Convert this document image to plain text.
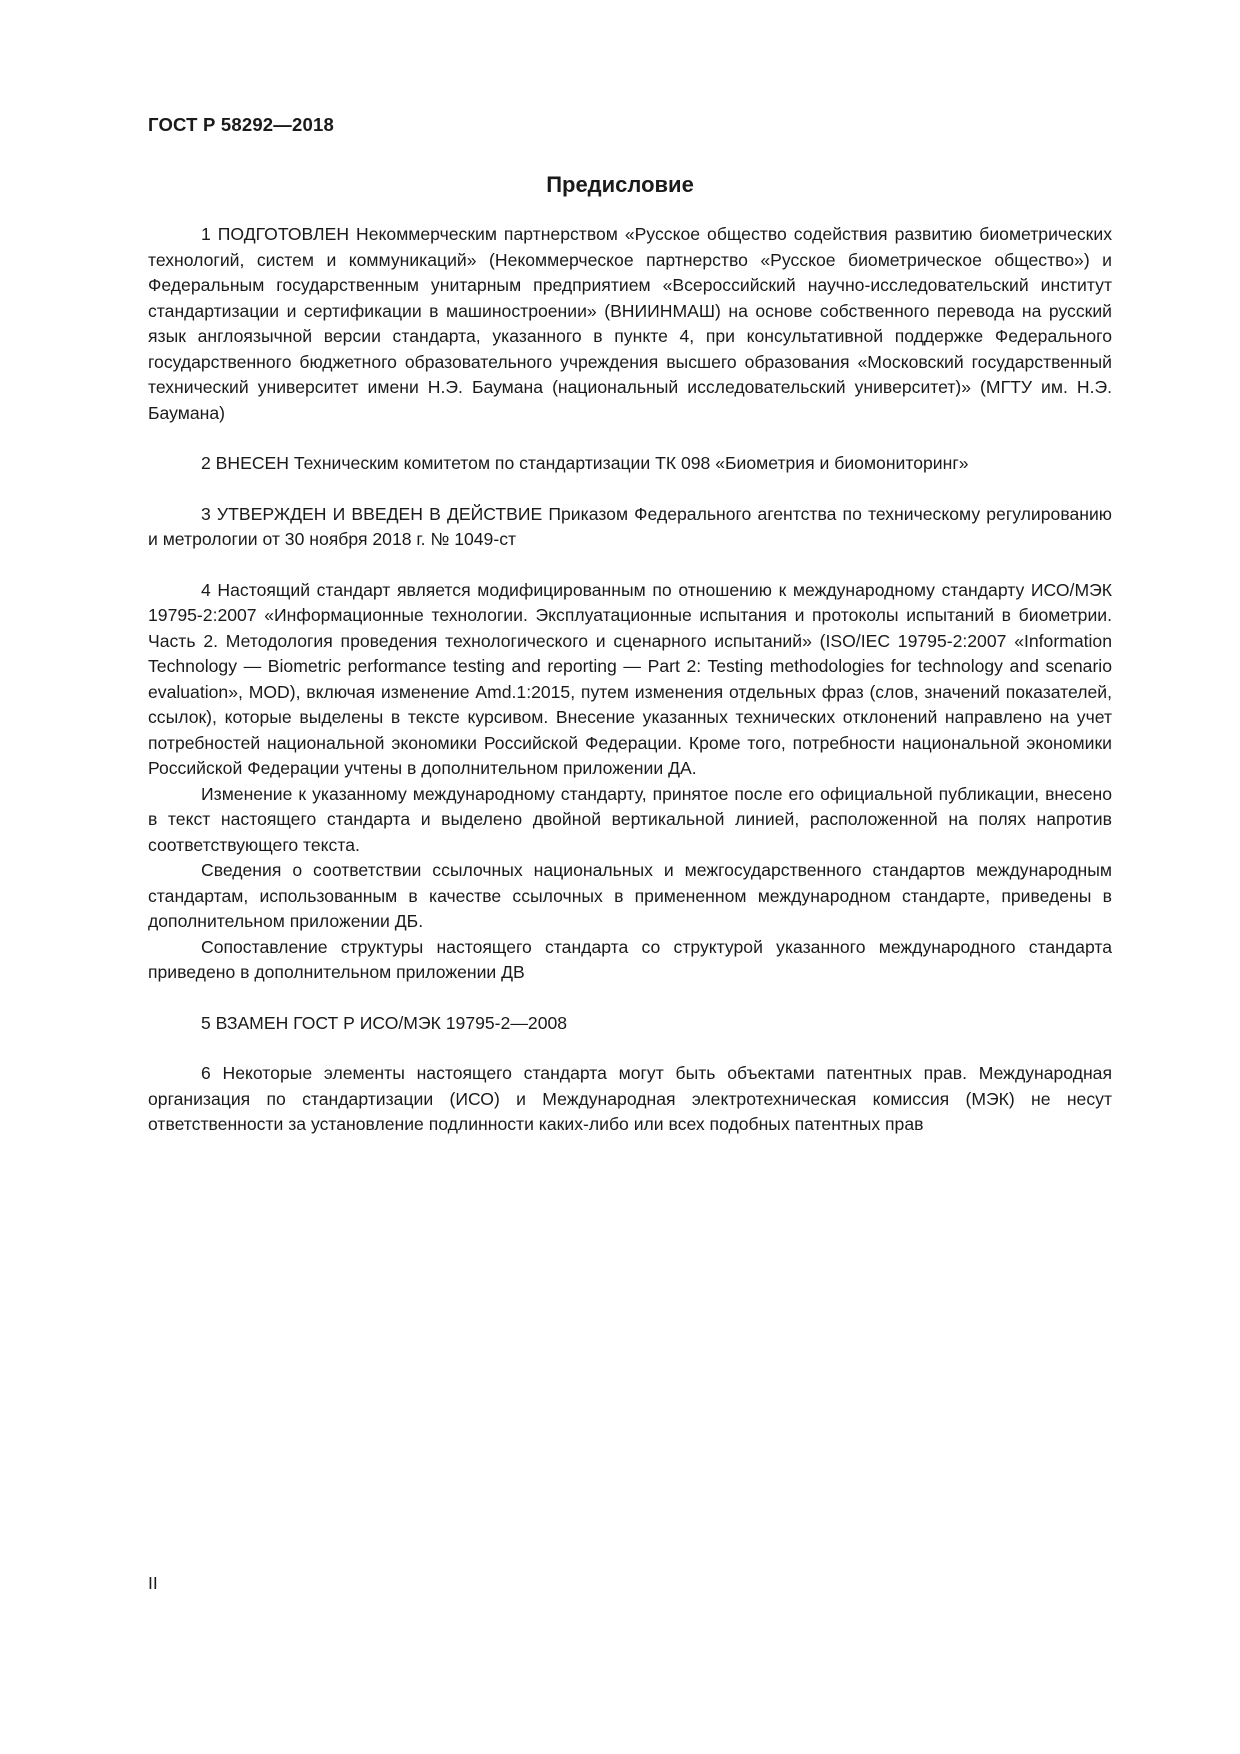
ГОСТ Р 58292—2018
Предисловие

1 ПОДГОТОВЛЕН Некоммерческим партнерством «Русское общество содействия развитию биометрических технологий, систем и коммуникаций» (Некоммерческое партнерство «Русское биометрическое общество») и Федеральным государственным унитарным предприятием «Всероссийский научно-исследовательский институт стандартизации и сертификации в машиностроении» (ВНИИНМАШ) на основе собственного перевода на русский язык англоязычной версии стандарта, указанного в пункте 4, при консультативной поддержке Федерального государственного бюджетного образовательного учреждения высшего образования «Московский государственный технический университет имени Н.Э. Баумана (национальный исследовательский университет)» (МГТУ им. Н.Э. Баумана)

2 ВНЕСЕН Техническим комитетом по стандартизации ТК 098 «Биометрия и биомониторинг»

3 УТВЕРЖДЕН И ВВЕДЕН В ДЕЙСТВИЕ Приказом Федерального агентства по техническому регулированию и метрологии от 30 ноября 2018 г. № 1049-ст

4 Настоящий стандарт является модифицированным по отношению к международному стандарту ИСО/МЭК 19795-2:2007 «Информационные технологии. Эксплуатационные испытания и протоколы испытаний в биометрии. Часть 2. Методология проведения технологического и сценарного испытаний» (ISO/IEC 19795-2:2007 «Information Technology — Biometric performance testing and reporting — Part 2: Testing methodologies for technology and scenario evaluation», MOD), включая изменение Amd.1:2015, путем изменения отдельных фраз (слов, значений показателей, ссылок), которые выделены в тексте курсивом. Внесение указанных технических отклонений направлено на учет потребностей национальной экономики Российской Федерации. Кроме того, потребности национальной экономики Российской Федерации учтены в дополнительном приложении ДА.

Изменение к указанному международному стандарту, принятое после его официальной публикации, внесено в текст настоящего стандарта и выделено двойной вертикальной линией, расположенной на полях напротив соответствующего текста.

Сведения о соответствии ссылочных национальных и межгосударственного стандартов международным стандартам, использованным в качестве ссылочных в примененном международном стандарте, приведены в дополнительном приложении ДБ.

Сопоставление структуры настоящего стандарта со структурой указанного международного стандарта приведено в дополнительном приложении ДВ

5 ВЗАМЕН ГОСТ Р ИСО/МЭК 19795-2—2008

6 Некоторые элементы настоящего стандарта могут быть объектами патентных прав. Международная организация по стандартизации (ИСО) и Международная электротехническая комиссия (МЭК) не несут ответственности за установление подлинности каких-либо или всех подобных патентных прав

II
